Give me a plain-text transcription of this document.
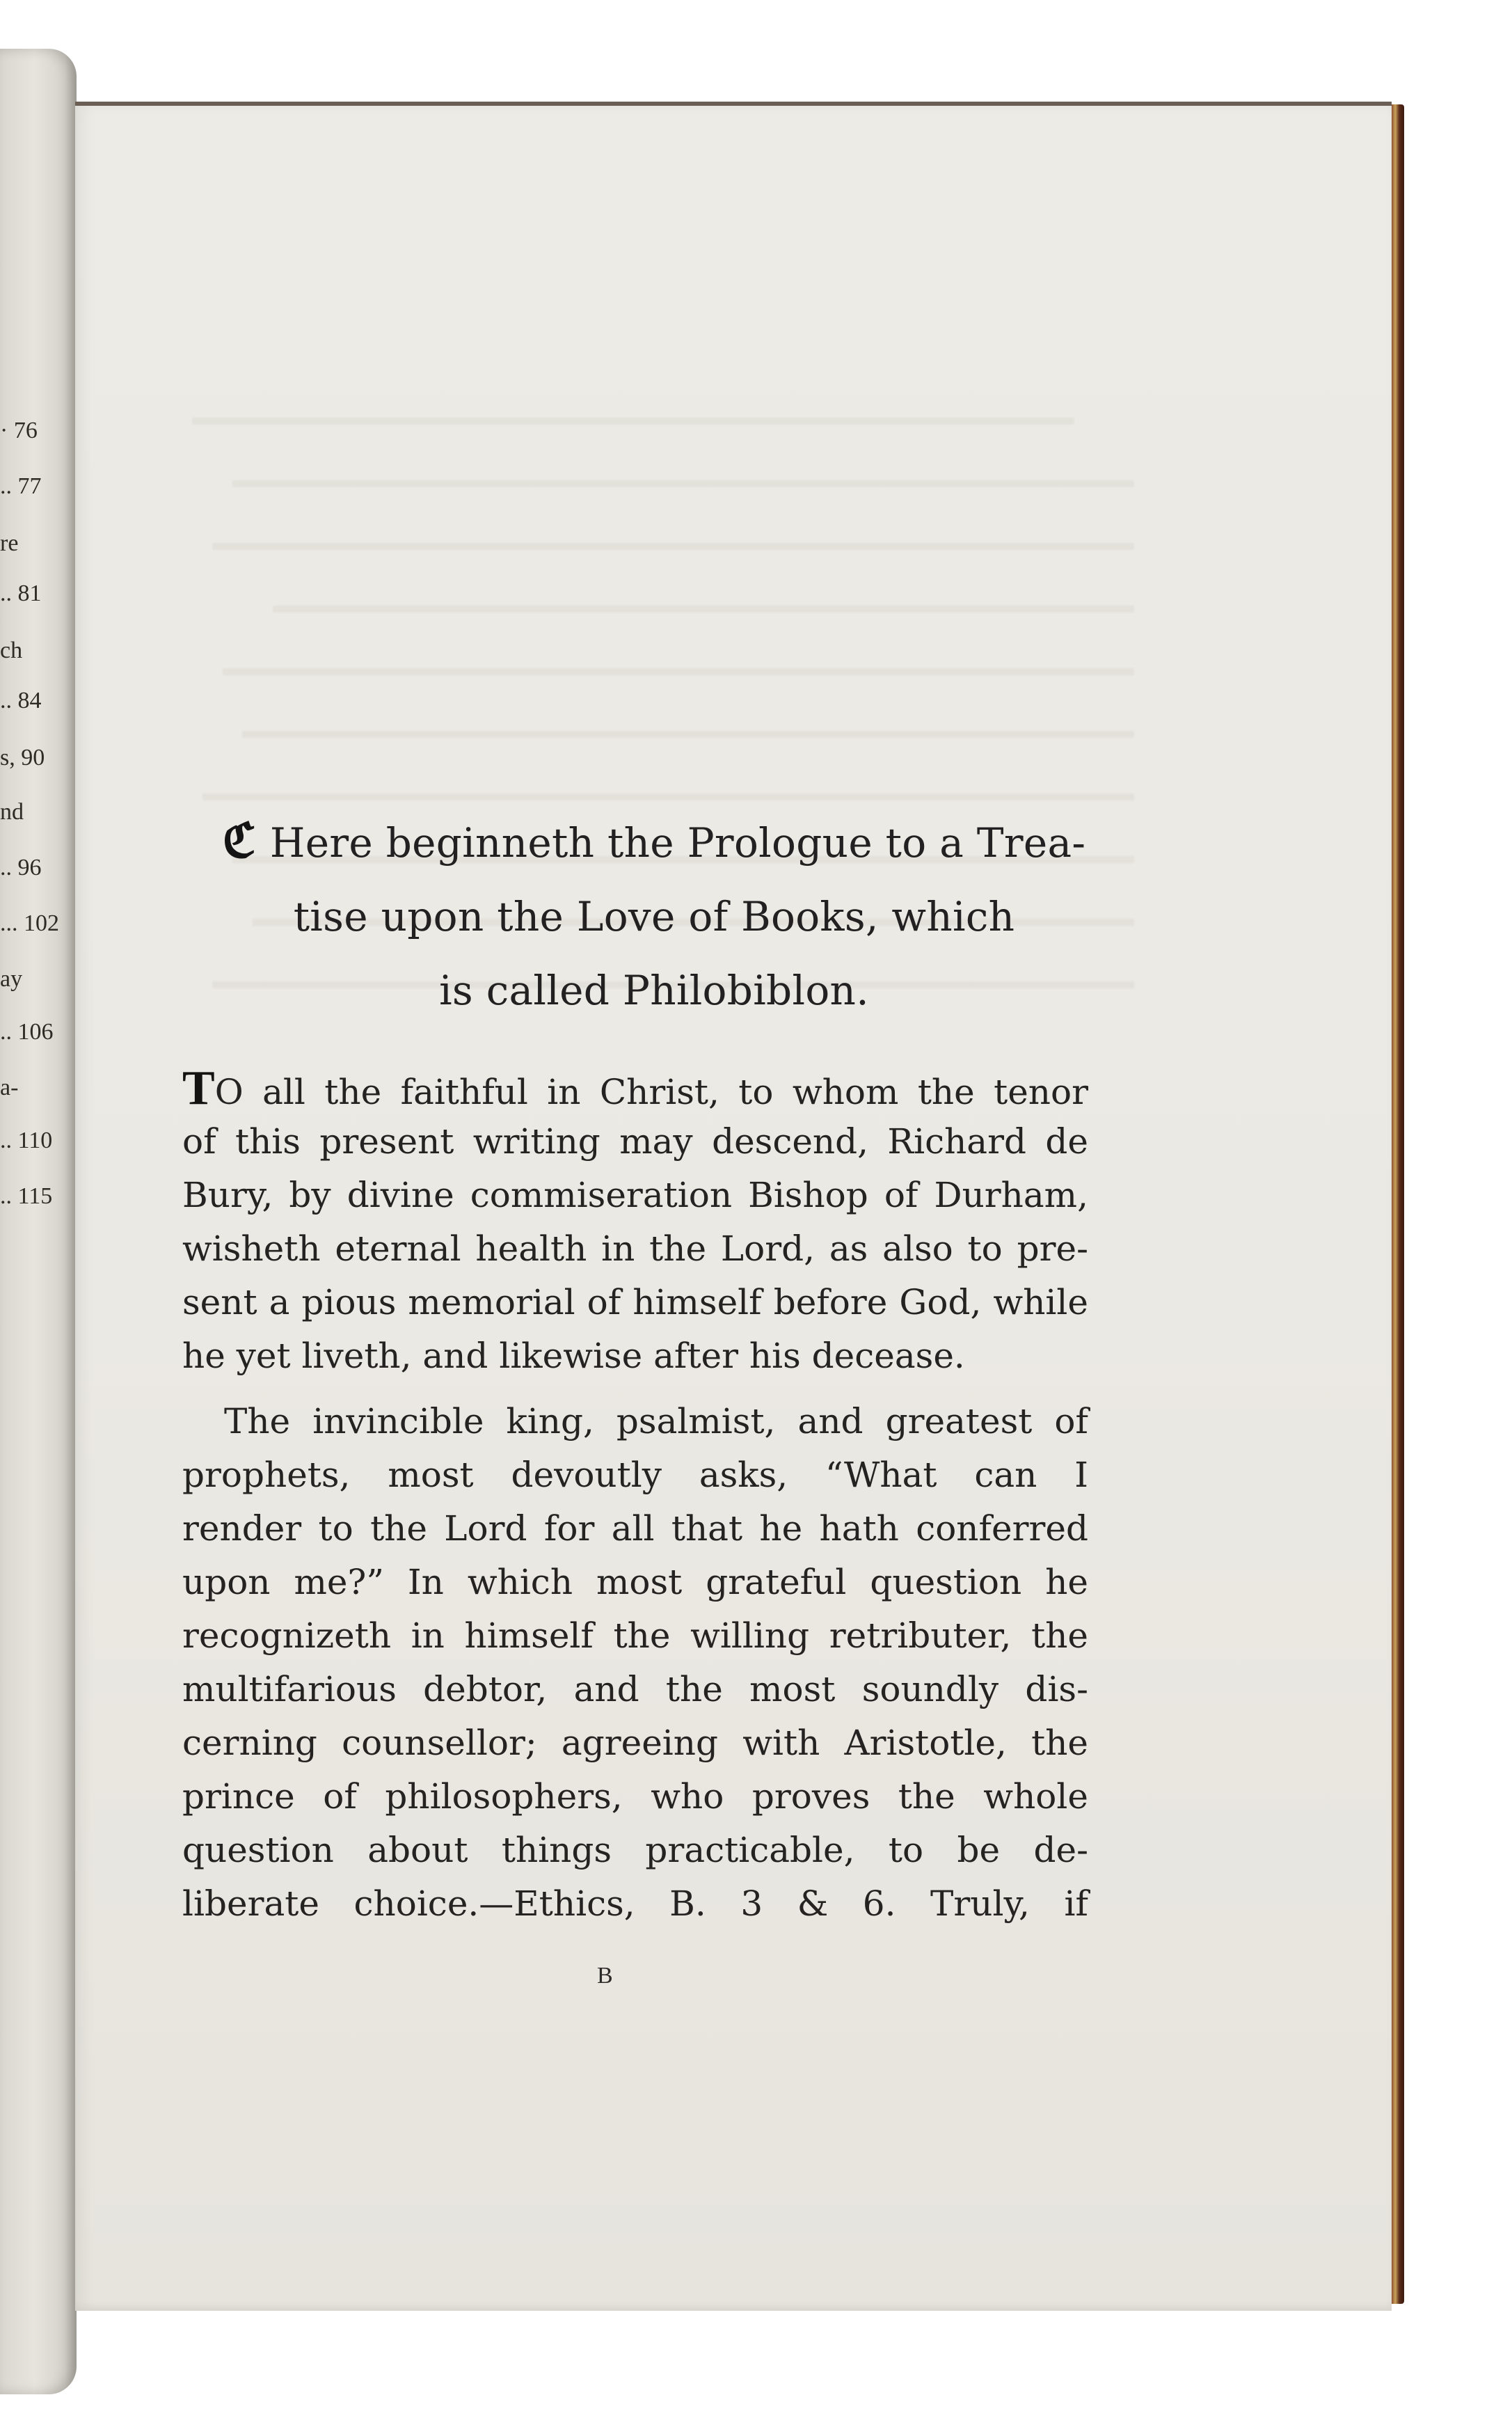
· 76
.. 77
re
.. 81
ch
.. 84
s, 90
nd
.. 96
... 102
ay
.. 106
a-
.. 110
.. 115
ℭ Here beginneth the Prologue to a Trea-
tise upon the Love of Books, which
is called Philobiblon.
TO all the faithful in Christ, to whom the tenor
of this present writing may descend, Richard de
Bury, by divine commiseration Bishop of Durham,
wisheth eternal health in the Lord, as also to pre-
sent a pious memorial of himself before God, while
he yet liveth, and likewise after his decease.
The invincible king, psalmist, and greatest of
prophets, most devoutly asks, “What can I
render to the Lord for all that he hath conferred
upon me?” In which most grateful question he
recognizeth in himself the willing retributer, the
multifarious debtor, and the most soundly dis-
cerning counsellor; agreeing with Aristotle, the
prince of philosophers, who proves the whole
question about things practicable, to be de-
liberate choice.—Ethics, B. 3 & 6. Truly, if
B
